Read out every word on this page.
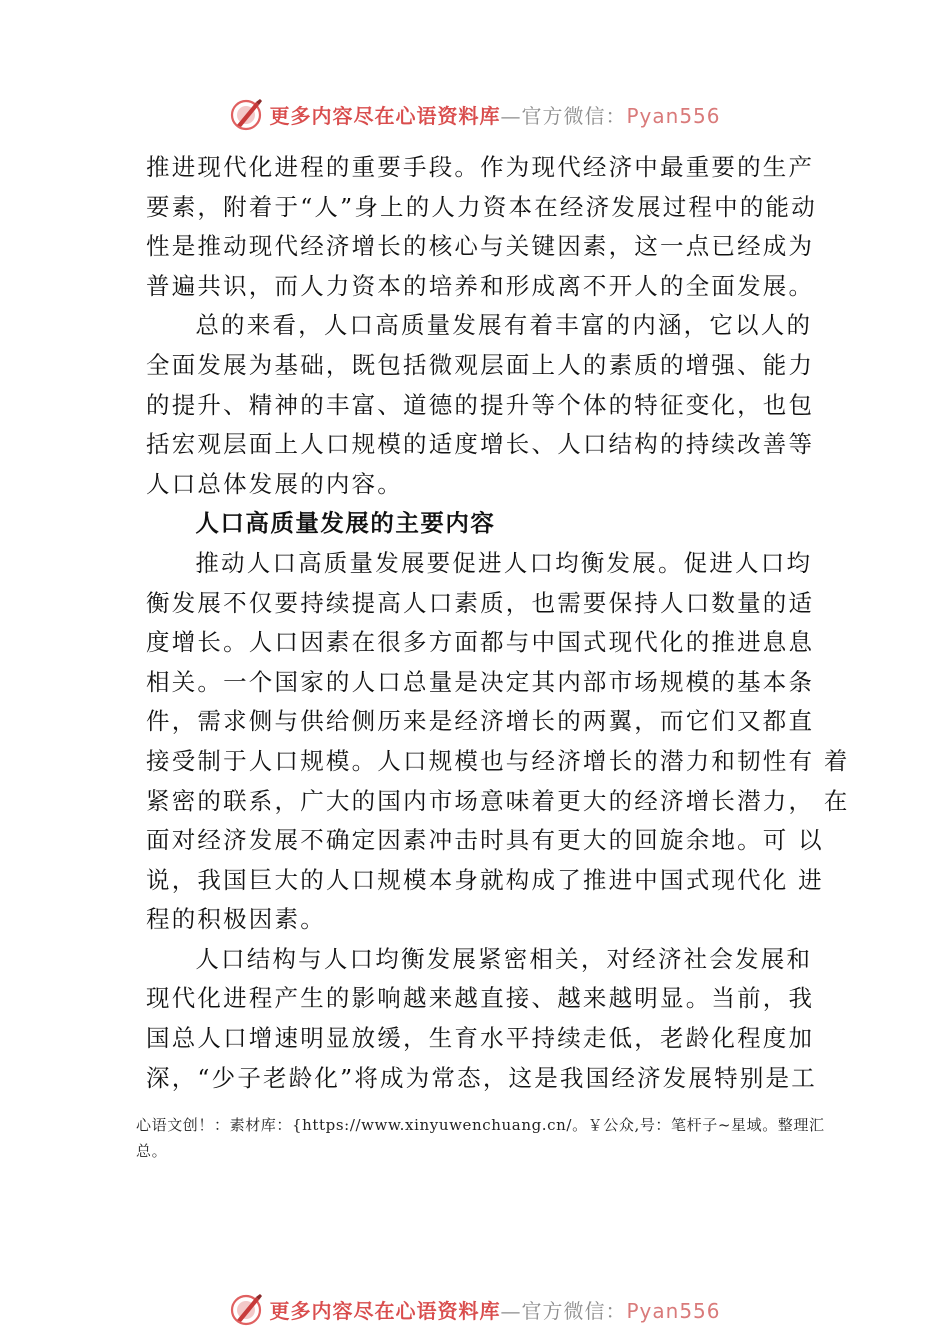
更多内容尽在心语资料库—官方微信：Pyan556

推进现代化进程的重要手段。作为现代经济中最重要的生产
要素，附着于“人”身上的人力资本在经济发展过程中的能动
性是推动现代经济增长的核心与关键因素，这一点已经成为
普遍共识，而人力资本的培养和形成离不开人的全面发展。

总的来看，人口高质量发展有着丰富的内涵，它以人的
全面发展为基础，既包括微观层面上人的素质的增强、能力
的提升、精神的丰富、道德的提升等个体的特征变化，也包
括宏观层面上人口规模的适度增长、人口结构的持续改善等
人口总体发展的内容。

人口高质量发展的主要内容

推动人口高质量发展要促进人口均衡发展。促进人口均
衡发展不仅要持续提高人口素质，也需要保持人口数量的适
度增长。人口因素在很多方面都与中国式现代化的推进息息
相关。一个国家的人口总量是决定其内部市场规模的基本条
件，需求侧与供给侧历来是经济增长的两翼，而它们又都直
接受制于人口规模。人口规模也与经济增长的潜力和韧性有 着
紧密的联系，广大的国内市场意味着更大的经济增长潜力， 在
面对经济发展不确定因素冲击时具有更大的回旋余地。可 以
说，我国巨大的人口规模本身就构成了推进中国式现代化 进
程的积极因素。

人口结构与人口均衡发展紧密相关，对经济社会发展和
现代化进程产生的影响越来越直接、越来越明显。当前，我
国总人口增速明显放缓，生育水平持续走低，老龄化程度加
深，“少子老龄化”将成为常态，这是我国经济发展特别是工

心语文创！：素材库：{https://www.xinyuwenchuang.cn/。￥公众,号：笔杆子~星域。整理汇总。
更多内容尽在心语资料库—官方微信：Pyan556
